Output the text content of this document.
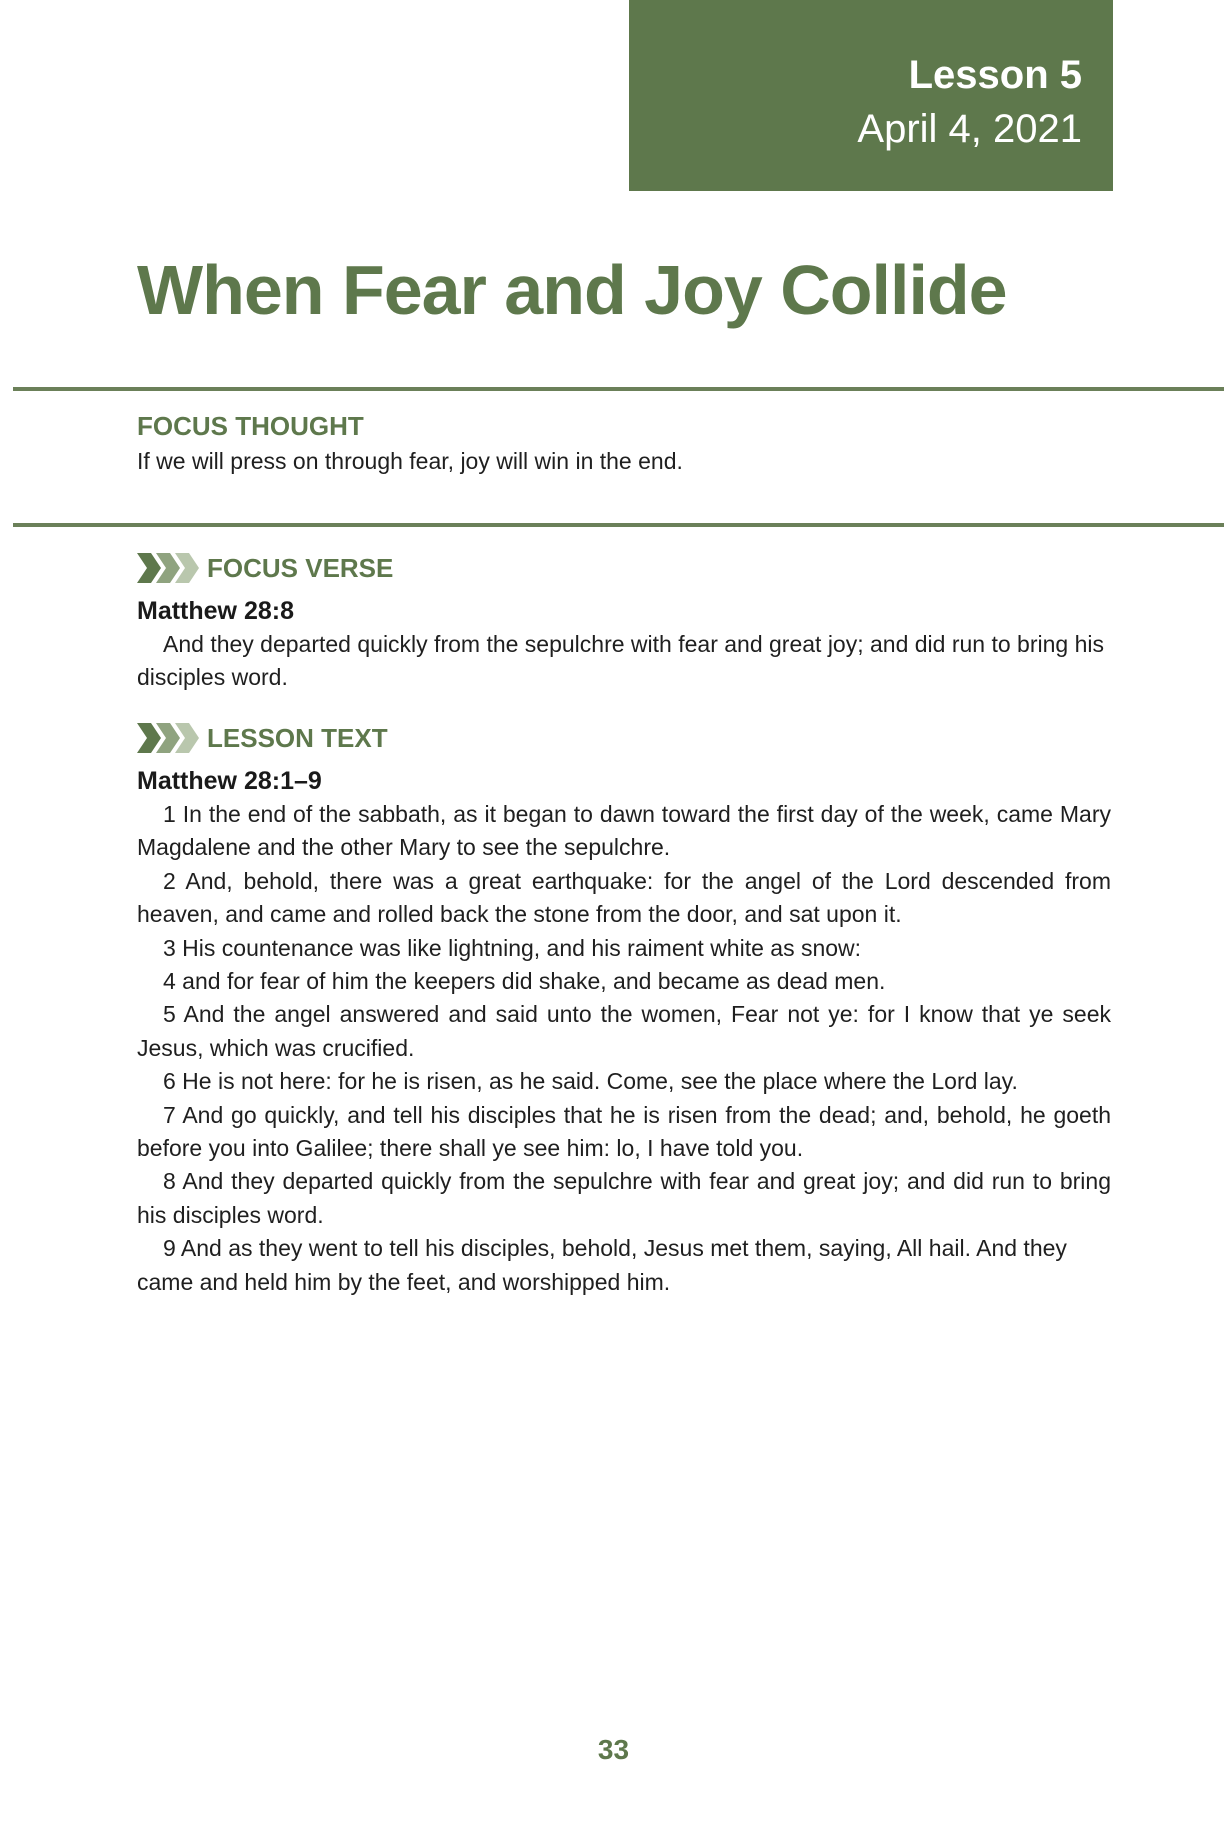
Lesson 5
April 4, 2021
When Fear and Joy Collide
FOCUS THOUGHT
If we will press on through fear, joy will win in the end.
FOCUS VERSE
Matthew 28:8

And they departed quickly from the sepulchre with fear and great joy; and did run to bring his disciples word.

LESSON TEXT
Matthew 28:1–9

1 In the end of the sabbath, as it began to dawn toward the first day of the week, came Mary Magdalene and the other Mary to see the sepulchre.

2 And, behold, there was a great earthquake: for the angel of the Lord descended from heaven, and came and rolled back the stone from the door, and sat upon it.

3 His countenance was like lightning, and his raiment white as snow:

4 and for fear of him the keepers did shake, and became as dead men.

5 And the angel answered and said unto the women, Fear not ye: for I know that ye seek Jesus, which was crucified.

6 He is not here: for he is risen, as he said. Come, see the place where the Lord lay.

7 And go quickly, and tell his disciples that he is risen from the dead; and, behold, he goeth before you into Galilee; there shall ye see him: lo, I have told you.

8 And they departed quickly from the sepulchre with fear and great joy; and did run to bring his disciples word.

9 And as they went to tell his disciples, behold, Jesus met them, saying, All hail. And they came and held him by the feet, and worshipped him.

33
